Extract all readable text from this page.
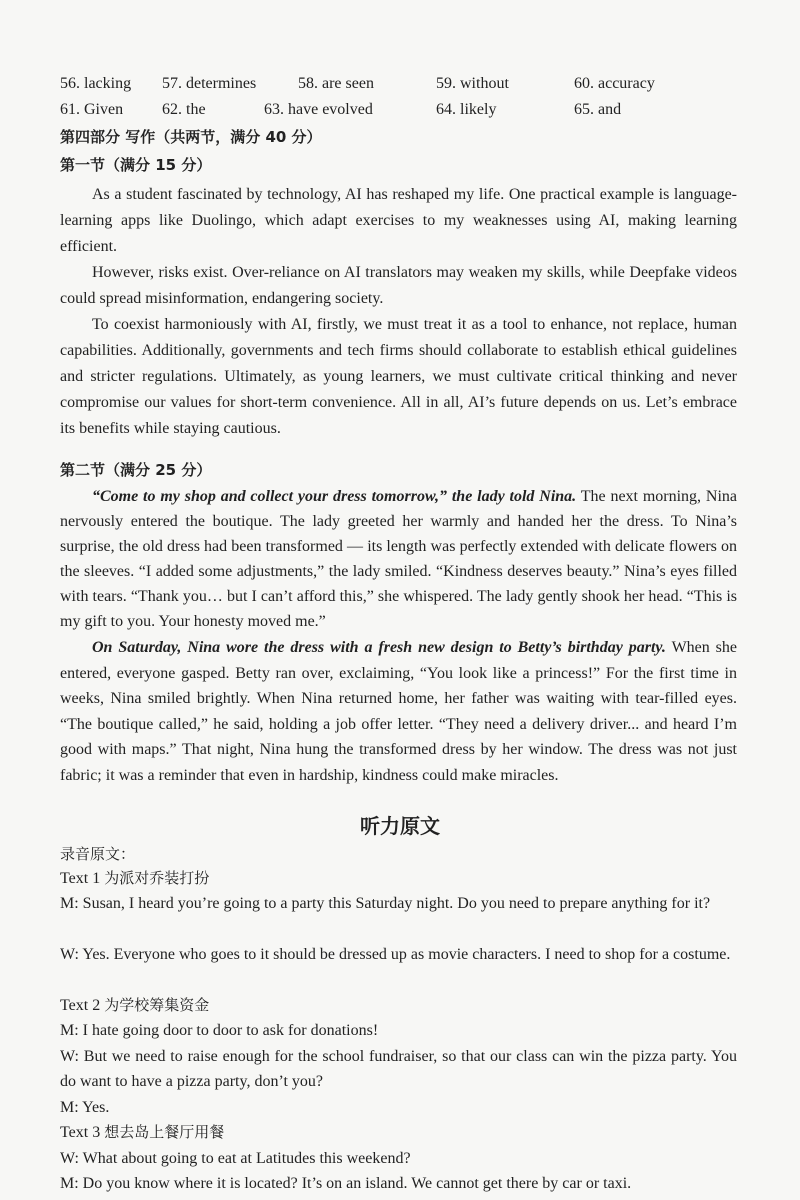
56. lacking 57. determines	58. are seen	59. without	60. accuracy
61. Given 62. the	63. have evolved	64. likely	65. and
第四部分 写作（共两节，满分 40 分）
第一节（满分 15 分）
As a student fascinated by technology, AI has reshaped my life. One practical example is language-learning apps like Duolingo, which adapt exercises to my weaknesses using AI, making learning efficient.
However, risks exist. Over-reliance on AI translators may weaken my skills, while Deepfake videos could spread misinformation, endangering society.
To coexist harmoniously with AI, firstly, we must treat it as a tool to enhance, not replace, human capabilities. Additionally, governments and tech firms should collaborate to establish ethical guidelines and stricter regulations. Ultimately, as young learners, we must cultivate critical thinking and never compromise our values for short-term convenience. All in all, AI’s future depends on us. Let’s embrace its benefits while staying cautious.
第二节（满分 25 分）
“Come to my shop and collect your dress tomorrow,” the lady told Nina. The next morning, Nina nervously entered the boutique. The lady greeted her warmly and handed her the dress. To Nina’s surprise, the old dress had been transformed — its length was perfectly extended with delicate flowers on the sleeves. “I added some adjustments,” the lady smiled. “Kindness deserves beauty.” Nina’s eyes filled with tears. “Thank you… but I can’t afford this,” she whispered. The lady gently shook her head. “This is my gift to you. Your honesty moved me.”
On Saturday, Nina wore the dress with a fresh new design to Betty’s birthday party. When she entered, everyone gasped. Betty ran over, exclaiming, “You look like a princess!” For the first time in weeks, Nina smiled brightly. When Nina returned home, her father was waiting with tear-filled eyes. “The boutique called,” he said, holding a job offer letter. “They need a delivery driver... and heard I’m good with maps.” That night, Nina hung the transformed dress by her window. The dress was not just fabric; it was a reminder that even in hardship, kindness could make miracles.
听力原文
录音原文：
Text 1 为派对乔装打扮
M: Susan, I heard you’re going to a party this Saturday night. Do you need to prepare anything for it?
W: Yes. Everyone who goes to it should be dressed up as movie characters. I need to shop for a costume.
Text 2 为学校筹集资金
M: I hate going door to door to ask for donations!
W: But we need to raise enough for the school fundraiser, so that our class can win the pizza party. You do want to have a pizza party, don’t you?
M: Yes.
Text 3 想去岛上餐厅用餐
W: What about going to eat at Latitudes this weekend?
M: Do you know where it is located? It’s on an island. We cannot get there by car or taxi.
